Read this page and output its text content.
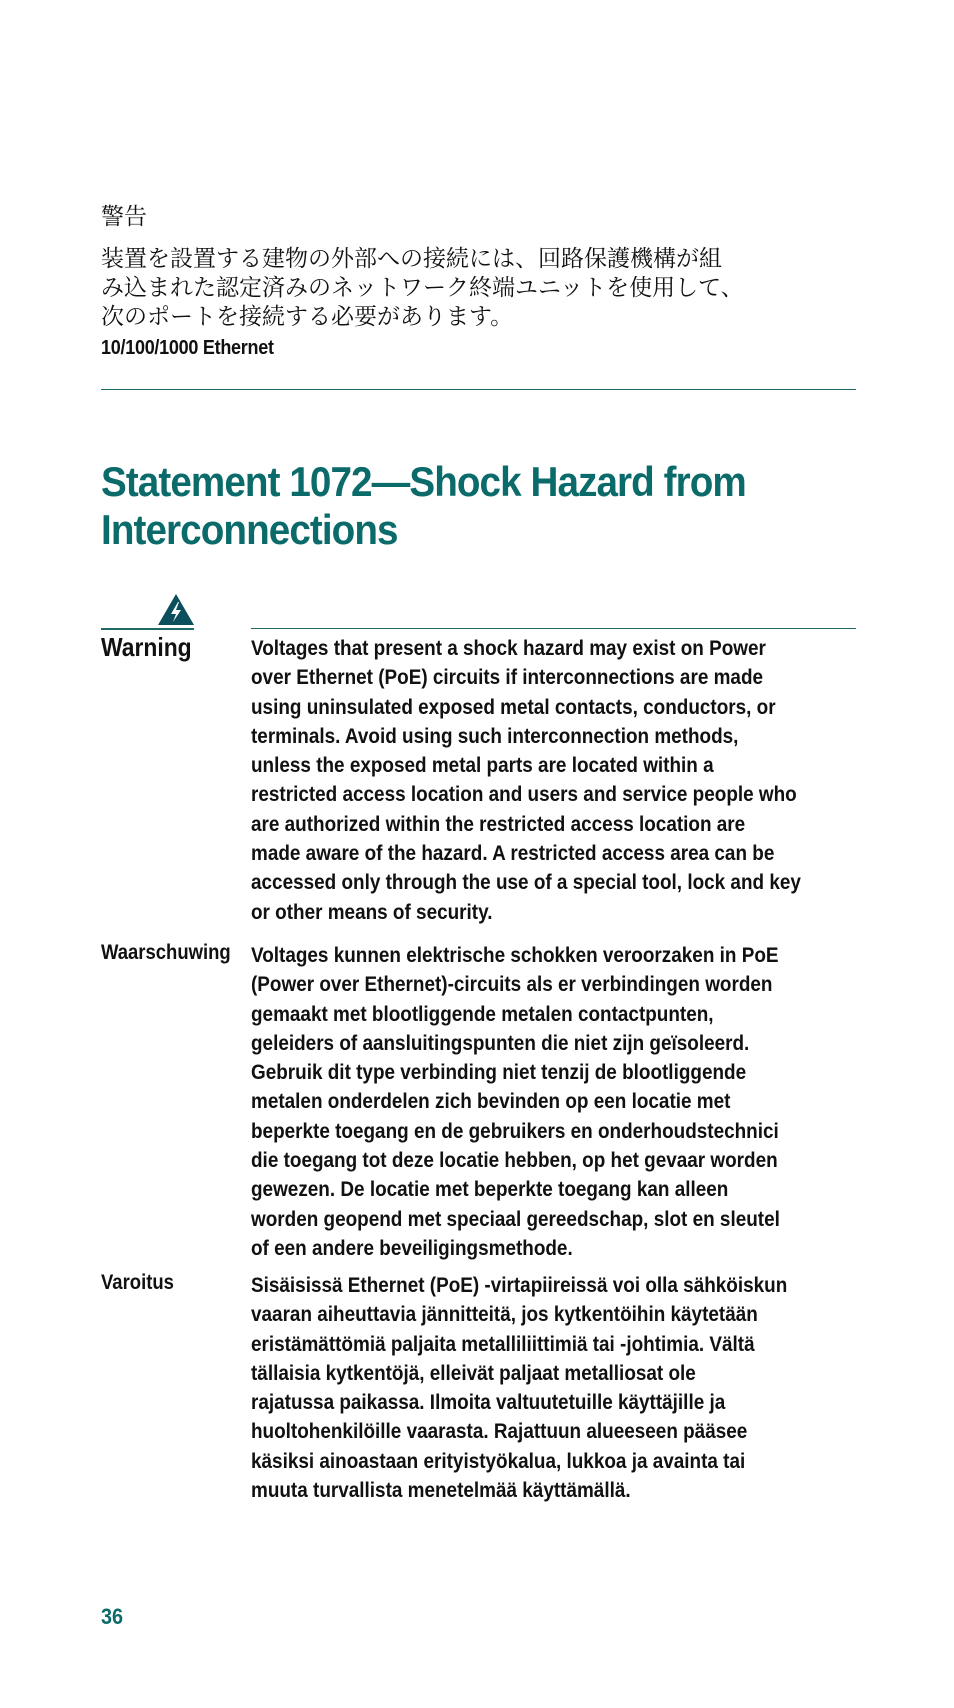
警告
装置を設置する建物の外部への接続には、回路保護機構が組
み込まれた認定済みのネットワーク終端ユニットを使用して、
次のポートを接続する必要があります。
10/100/1000 Ethernet
Statement 1072—Shock Hazard from
Interconnections
Warning	Voltages that present a shock hazard may exist on Power
over Ethernet (PoE) circuits if interconnections are made
using uninsulated exposed metal contacts, conductors, or
terminals. Avoid using such interconnection methods,
unless the exposed metal parts are located within a
restricted access location and users and service people who
are authorized within the restricted access location are
made aware of the hazard. A restricted access area can be
accessed only through the use of a special tool, lock and key
or other means of security.
Waarschuwing Voltages kunnen elektrische schokken veroorzaken in PoE
(Power over Ethernet)-circuits als er verbindingen worden
gemaakt met blootliggende metalen contactpunten,
geleiders of aansluitingspunten die niet zijn geïsoleerd.
Gebruik dit type verbinding niet tenzij de blootliggende
metalen onderdelen zich bevinden op een locatie met
beperkte toegang en de gebruikers en onderhoudstechnici
die toegang tot deze locatie hebben, op het gevaar worden
gewezen. De locatie met beperkte toegang kan alleen
worden geopend met speciaal gereedschap, slot en sleutel
of een andere beveiligingsmethode.
Varoitus	Sisäisissä Ethernet (PoE) -virtapiireissä voi olla sähköiskun
vaaran aiheuttavia jännitteitä, jos kytkentöihin käytetään
eristämättömiä paljaita metalliliittimiä tai -johtimia. Vältä
tällaisia kytkentöjä, elleivät paljaat metalliosat ole
rajatussa paikassa. Ilmoita valtuutetuille käyttäjille ja
huoltohenkilöille vaarasta. Rajattuun alueeseen pääsee
käsiksi ainoastaan erityistyökalua, lukkoa ja avainta tai
muuta turvallista menetelmää käyttämällä.
36
